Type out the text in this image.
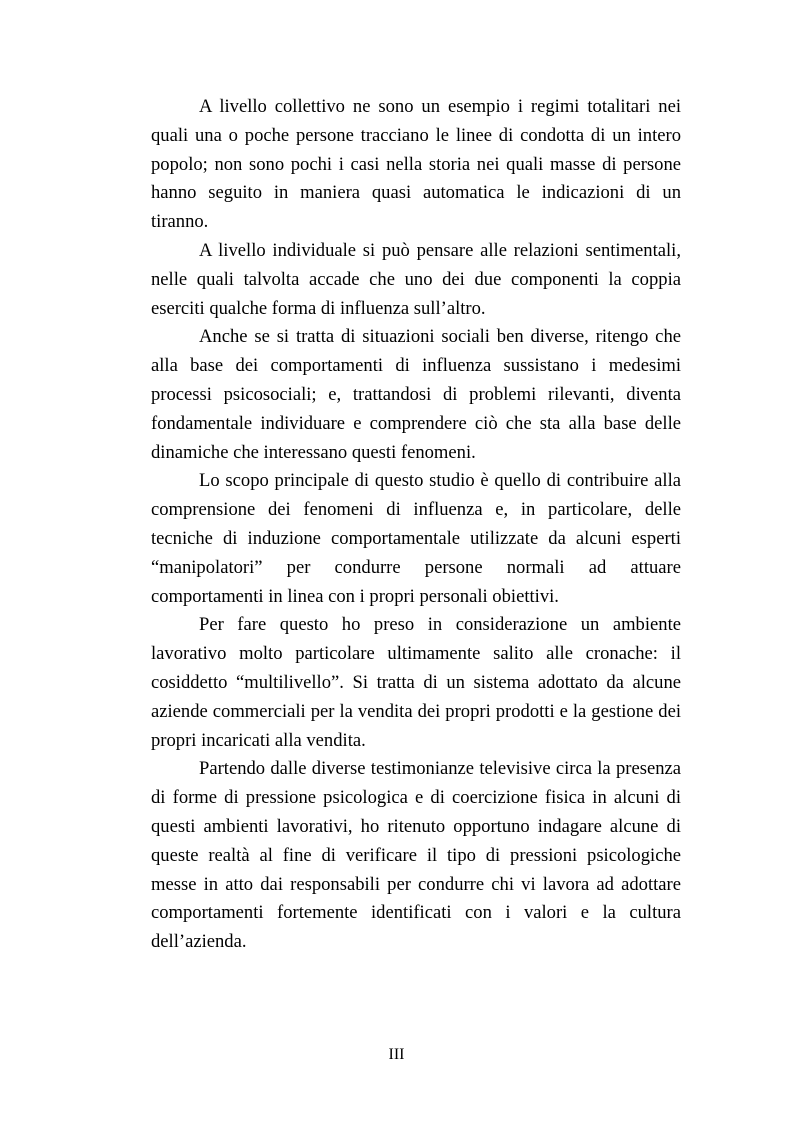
A livello collettivo ne sono un esempio i regimi totalitari nei
quali una o poche persone tracciano le linee di condotta di un intero
popolo; non sono pochi i casi nella storia nei quali masse di persone
hanno seguito in maniera quasi automatica le indicazioni di un
tiranno.

A livello individuale si può pensare alle relazioni sentimentali,
nelle quali talvolta accade che uno dei due componenti la coppia
eserciti qualche forma di influenza sull’altro.

Anche se si tratta di situazioni sociali ben diverse, ritengo che
alla base dei comportamenti di influenza sussistano i medesimi
processi psicosociali; e, trattandosi di problemi rilevanti, diventa
fondamentale individuare e comprendere ciò che sta alla base delle
dinamiche che interessano questi fenomeni.

Lo scopo principale di questo studio è quello di contribuire alla
comprensione dei fenomeni di influenza e, in particolare, delle
tecniche di induzione comportamentale utilizzate da alcuni esperti
“manipolatori” per condurre persone normali ad attuare
comportamenti in linea con i propri personali obiettivi.

Per fare questo ho preso in considerazione un ambiente
lavorativo molto particolare ultimamente salito alle cronache: il
cosiddetto “multilivello”. Si tratta di un sistema adottato da alcune
aziende commerciali per la vendita dei propri prodotti e la gestione dei
propri incaricati alla vendita.

Partendo dalle diverse testimonianze televisive circa la presenza
di forme di pressione psicologica e di coercizione fisica in alcuni di
questi ambienti lavorativi, ho ritenuto opportuno indagare alcune di
queste realtà al fine di verificare il tipo di pressioni psicologiche
messe in atto dai responsabili per condurre chi vi lavora ad adottare
comportamenti fortemente identificati con i valori e la cultura
dell’azienda.

III
